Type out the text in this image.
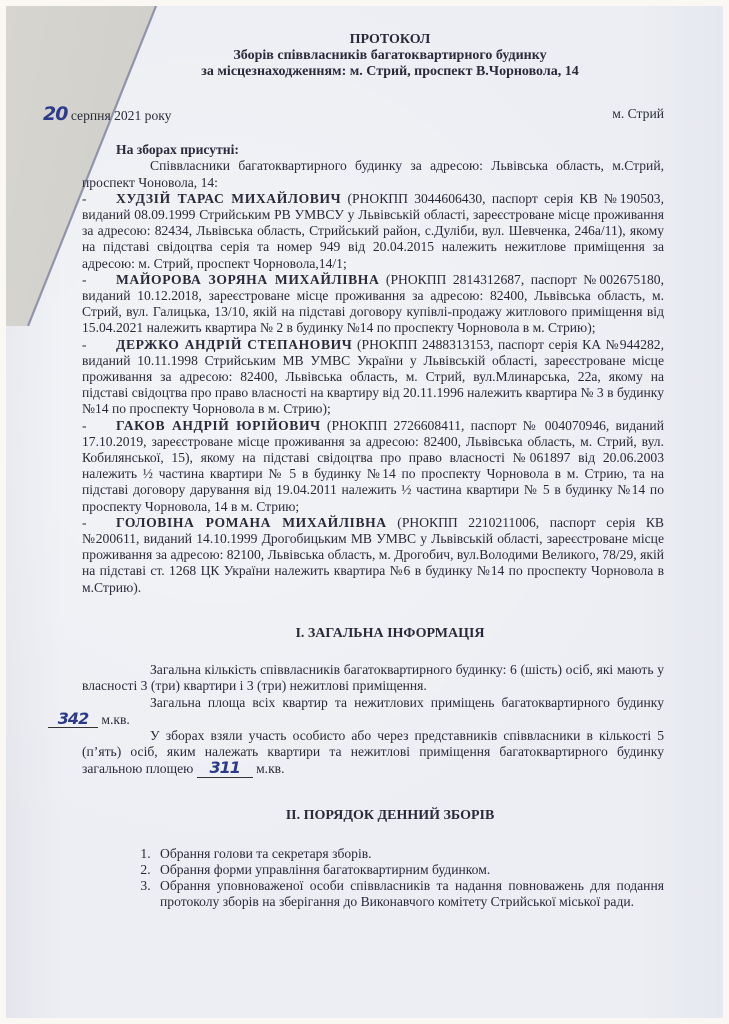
ПРОТОКОЛ
Зборів співвласників багатоквартирного будинку
за місцезнаходженням: м. Стрий, проспект В.Чорновола, 14
20 серпня 2021 року	м. Стрий
На зборах присутні:
Співвласники багатоквартирного будинку за адресою: Львівська область, м.Стрий, проспект Чоновола, 14:
- ХУДЗІЙ ТАРАС МИХАЙЛОВИЧ (РНОКПП 3044606430, паспорт серія КВ №190503, виданий 08.09.1999 Стрийським РВ УМВСУ у Львівській області, зареєстроване місце проживання за адресою: 82434, Львівська область, Стрийський район, с.Дуліби, вул. Шевченка, 246а/11), якому на підставі свідоцтва серія та номер 949 від 20.04.2015 належить нежитлове приміщення за адресою: м. Стрий, проспект Чорновола,14/1;
- МАЙОРОВА ЗОРЯНА МИХАЙЛІВНА (РНОКПП 2814312687, паспорт №002675180, виданий 10.12.2018, зареєстроване місце проживання за адресою: 82400, Львівська область, м. Стрий, вул. Галицька, 13/10, якій на підставі договору купівлі-продажу житлового приміщення від 15.04.2021 належить квартира № 2 в будинку №14 по проспекту Чорновола в м. Стрию);
- ДЕРЖКО АНДРІЙ СТЕПАНОВИЧ (РНОКПП 2488313153, паспорт серія КА №944282, виданий 10.11.1998 Стрийським МВ УМВС України у Львівській області, зареєстроване місце проживання за адресою: 82400, Львівська область, м. Стрий, вул.Млинарська, 22а, якому на підставі свідоцтва про право власності на квартиру від 20.11.1996 належить квартира № 3 в будинку №14 по проспекту Чорновола в м. Стрию);
- ГАКОВ АНДРІЙ ЮРІЙОВИЧ (РНОКПП 2726608411, паспорт № 004070946, виданий 17.10.2019, зареєстроване місце проживання за адресою: 82400, Львівська область, м. Стрий, вул. Кобилянської, 15), якому на підставі свідоцтва про право власності №061897 від 20.06.2003 належить ½ частина квартири № 5 в будинку №14 по проспекту Чорновола в м. Стрию, та на підставі договору дарування від 19.04.2011 належить ½ частина квартири № 5 в будинку №14 по проспекту Чорновола, 14 в м. Стрию;
- ГОЛОВІНА РОМАНА МИХАЙЛІВНА (РНОКПП 2210211006, паспорт серія КВ №200611, виданий 14.10.1999 Дрогобицьким МВ УМВС у Львівській області, зареєстроване місце проживання за адресою: 82100, Львівська область, м. Дрогобич, вул.Володими Великого, 78/29, якій на підставі ст. 1268 ЦК України належить квартира №6 в будинку №14 по проспекту Чорновола в м.Стрию).
І. ЗАГАЛЬНА ІНФОРМАЦІЯ
Загальна кількість співвласників багатоквартирного будинку: 6 (шість) осіб, які мають у власності 3 (три) квартири і 3 (три) нежитлові приміщення.
Загальна площа всіх квартир та нежитлових приміщень багатоквартирного будинку 342 м.кв.
У зборах взяли участь особисто або через представників співвласники в кількості 5 (п’ять) осіб, яким належать квартири та нежитлові приміщення багатоквартирного будинку загальною площею 311 м.кв.
ІІ. ПОРЯДОК ДЕННИЙ ЗБОРІВ
1. Обрання голови та секретаря зборів.
2. Обрання форми управління багатоквартирним будинком.
3. Обрання уповноваженої особи співвласників та надання повноважень для подання протоколу зборів на зберігання до Виконавчого комітету Стрийської міської ради.
